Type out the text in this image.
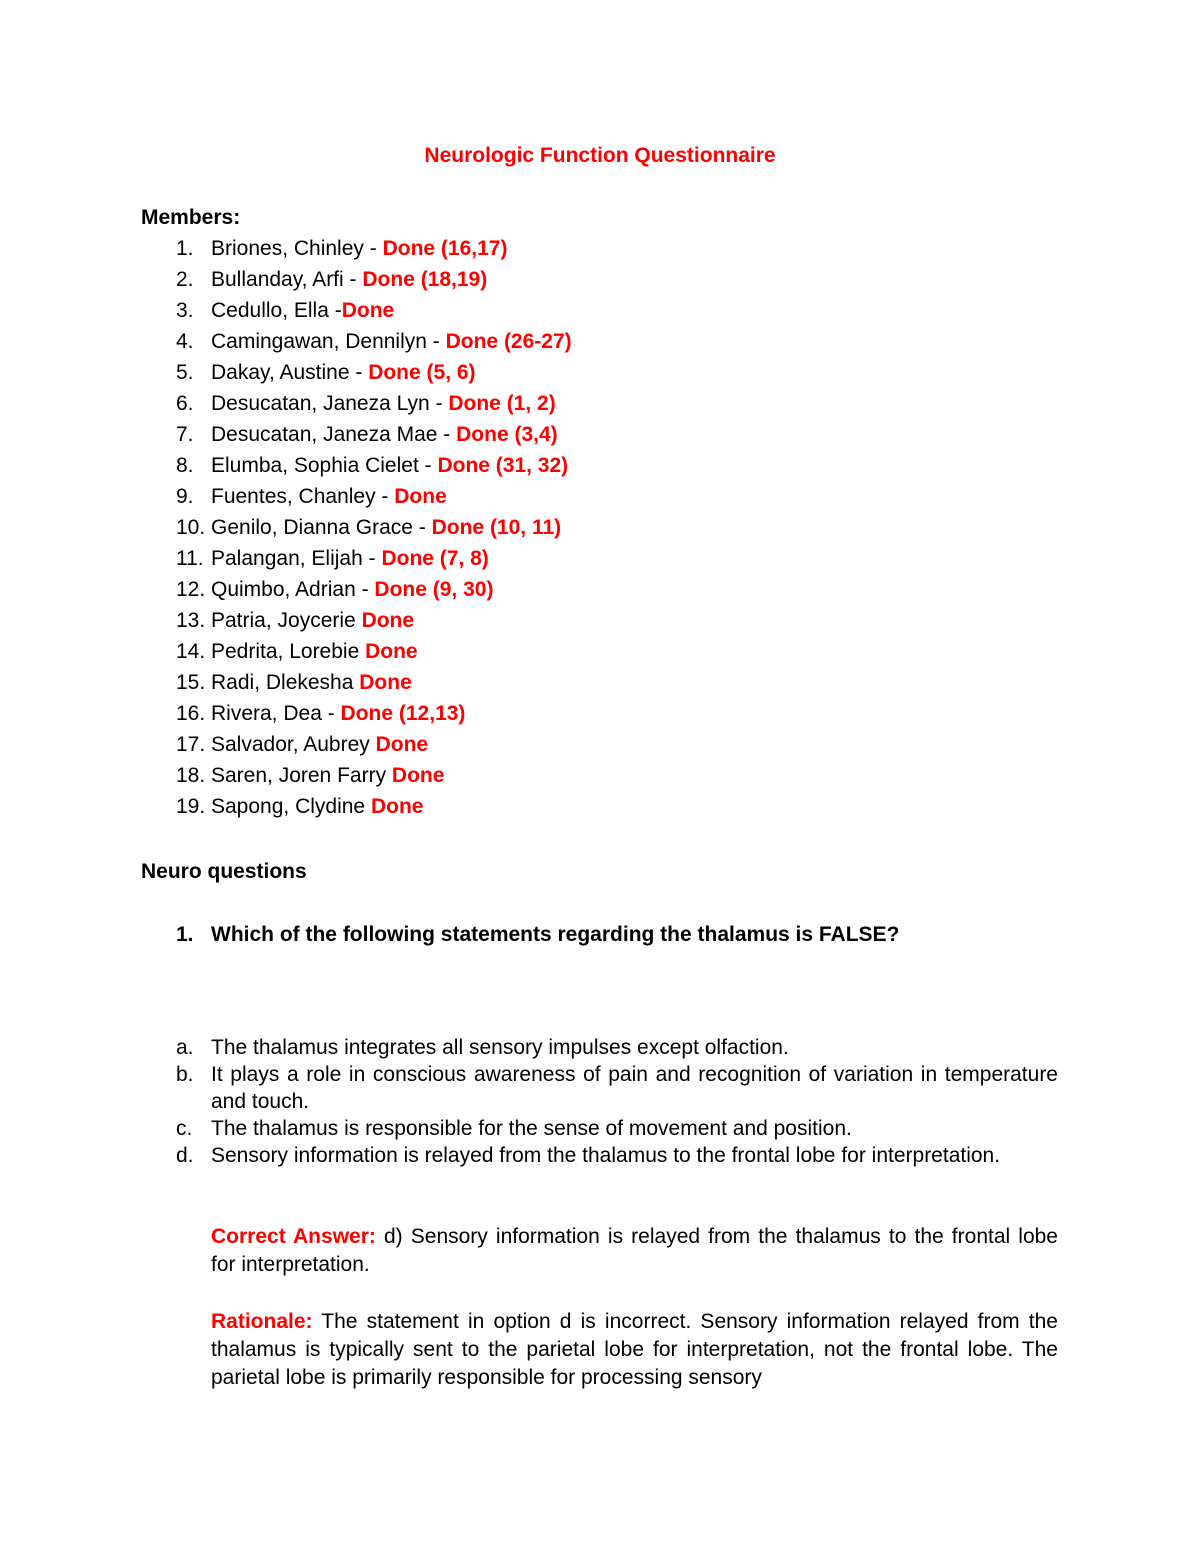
Neurologic Function Questionnaire
Members:
1. Briones, Chinley - Done (16,17)
2. Bullanday, Arfi - Done (18,19)
3. Cedullo, Ella -Done
4. Camingawan, Dennilyn - Done (26-27)
5. Dakay, Austine - Done (5, 6)
6. Desucatan, Janeza Lyn - Done (1, 2)
7. Desucatan, Janeza Mae - Done (3,4)
8. Elumba, Sophia Cielet - Done (31, 32)
9. Fuentes, Chanley - Done
10. Genilo, Dianna Grace - Done (10, 11)
11. Palangan, Elijah - Done (7, 8)
12. Quimbo, Adrian - Done (9, 30)
13. Patria, Joycerie Done
14. Pedrita, Lorebie Done
15. Radi, Dlekesha Done
16. Rivera, Dea - Done (12,13)
17. Salvador, Aubrey Done
18. Saren, Joren Farry Done
19. Sapong, Clydine Done
Neuro questions
1. Which of the following statements regarding the thalamus is FALSE?
a. The thalamus integrates all sensory impulses except olfaction.
b. It plays a role in conscious awareness of pain and recognition of variation in temperature and touch.
c. The thalamus is responsible for the sense of movement and position.
d. Sensory information is relayed from the thalamus to the frontal lobe for interpretation.

Correct Answer: d) Sensory information is relayed from the thalamus to the frontal lobe for interpretation.

Rationale: The statement in option d is incorrect. Sensory information relayed from the thalamus is typically sent to the parietal lobe for interpretation, not the frontal lobe. The parietal lobe is primarily responsible for processing sensory
